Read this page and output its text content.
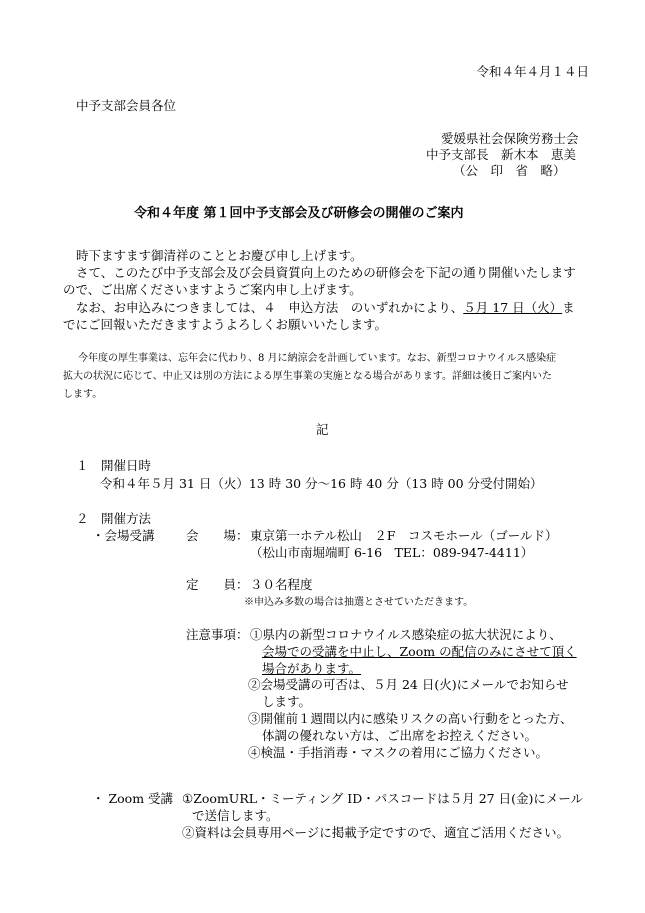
令和４年４月１４日
中予支部会員各位
愛媛県社会保険労務士会
中予支部長　新木本　恵美
（公　印　省　略）
令和４年度 第１回中予支部会及び研修会の開催のご案内
時下ますます御清祥のこととお慶び申し上げます。
さて、このたび中予支部会及び会員資質向上のための研修会を下記の通り開催いたします
ので、ご出席くださいますようご案内申し上げます。
なお、お申込みにつきましては、４　申込方法　のいずれかにより、５月 17 日（火）ま
でにご回報いただきますようよろしくお願いいたします。
今年度の厚生事業は、忘年会に代わり、8 月に納涼会を計画しています。なお、新型コロナウイルス感染症
拡大の状況に応じて、中止又は別の方法による厚生事業の実施となる場合があります。詳細は後日ご案内いた
します。
記
１　開催日時
令和４年５月 31 日（火）13 時 30 分～16 時 40 分（13 時 00 分受付開始）
２　開催方法
・会場受講	会　　場： 東京第一ホテル松山　２F　コスモホール（ゴールド）
（松山市南堀端町 6-16　TEL：089-947-4411）
定　　員： ３０名程度
※申込み多数の場合は抽選とさせていただきます。
注意事項： ①県内の新型コロナウイルス感染症の拡大状況により、
会場での受講を中止し、Zoom の配信のみにさせて頂く
場合があります。
②会場受講の可否は、５月 24 日(火)にメールでお知らせ
します。
③開催前１週間以内に感染リスクの高い行動をとった方、
体調の優れない方は、ご出席をお控えください。
④検温・手指消毒・マスクの着用にご協力ください。
・ Zoom 受講 ①ZoomURL・ミーティング ID・パスコードは５月 27 日(金)にメール
で送信します。
②資料は会員専用ページに掲載予定ですので、適宜ご活用ください。
